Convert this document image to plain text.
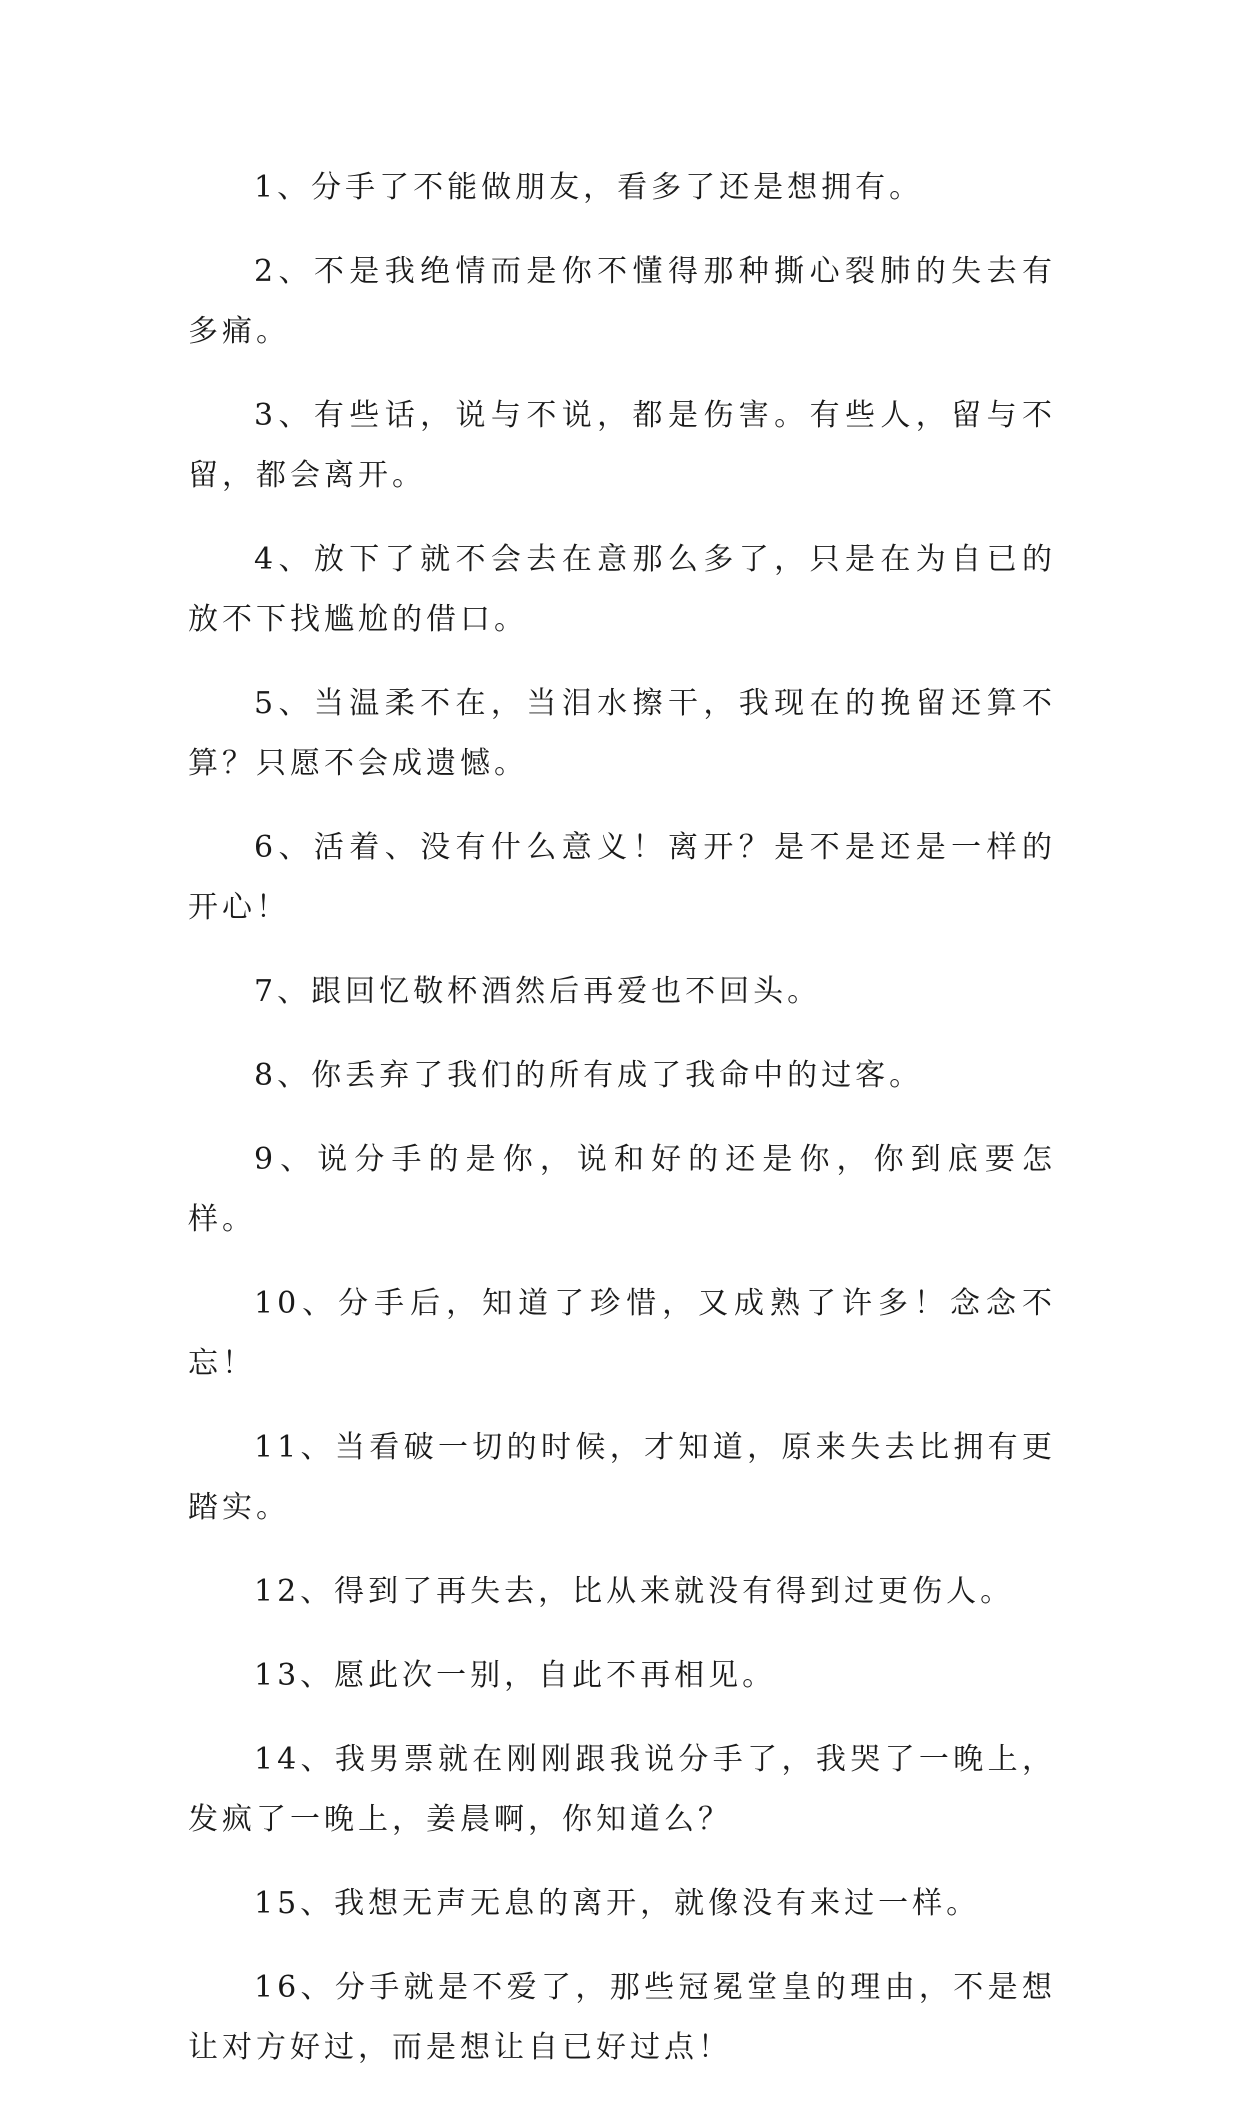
1、分手了不能做朋友，看多了还是想拥有。

2、不是我绝情而是你不懂得那种撕心裂肺的失去有多痛。

3、有些话，说与不说，都是伤害。有些人，留与不留，都会离开。

4、放下了就不会去在意那么多了，只是在为自已的放不下找尴尬的借口。

5、当温柔不在，当泪水擦干，我现在的挽留还算不算？只愿不会成遗憾。

6、活着、没有什么意义！离开？是不是还是一样的开心！

7、跟回忆敬杯酒然后再爱也不回头。

8、你丢弃了我们的所有成了我命中的过客。

9、说分手的是你，说和好的还是你，你到底要怎样。

10、分手后，知道了珍惜，又成熟了许多！念念不忘！

11、当看破一切的时候，才知道，原来失去比拥有更踏实。

12、得到了再失去，比从来就没有得到过更伤人。

13、愿此次一别，自此不再相见。

14、我男票就在刚刚跟我说分手了，我哭了一晚上，发疯了一晚上，姜晨啊，你知道么？

15、我想无声无息的离开，就像没有来过一样。

16、分手就是不爱了，那些冠冕堂皇的理由，不是想让对方好过，而是想让自已好过点！
